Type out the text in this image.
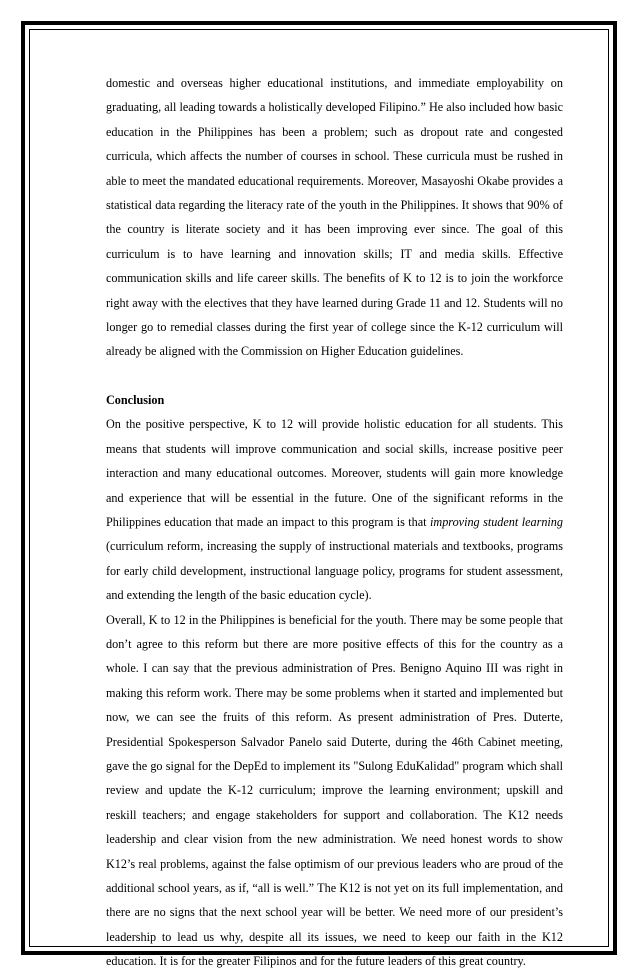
domestic and overseas higher educational institutions, and immediate employability on graduating, all leading towards a holistically developed Filipino.” He also included how basic education in the Philippines has been a problem; such as dropout rate and congested curricula, which affects the number of courses in school. These curricula must be rushed in able to meet the mandated educational requirements. Moreover, Masayoshi Okabe provides a statistical data regarding the literacy rate of the youth in the Philippines. It shows that 90% of the country is literate society and it has been improving ever since. The goal of this curriculum is to have learning and innovation skills; IT and media skills. Effective communication skills and life career skills. The benefits of K to 12 is to join the workforce right away with the electives that they have learned during Grade 11 and 12. Students will no longer go to remedial classes during the first year of college since the K-12 curriculum will already be aligned with the Commission on Higher Education guidelines.

Conclusion

On the positive perspective, K to 12 will provide holistic education for all students. This means that students will improve communication and social skills, increase positive peer interaction and many educational outcomes. Moreover, students will gain more knowledge and experience that will be essential in the future. One of the significant reforms in the Philippines education that made an impact to this program is that improving student learning (curriculum reform, increasing the supply of instructional materials and textbooks, programs for early child development, instructional language policy, programs for student assessment, and extending the length of the basic education cycle).

Overall, K to 12 in the Philippines is beneficial for the youth. There may be some people that don’t agree to this reform but there are more positive effects of this for the country as a whole. I can say that the previous administration of Pres. Benigno Aquino III was right in making this reform work. There may be some problems when it started and implemented but now, we can see the fruits of this reform. As present administration of Pres. Duterte, Presidential Spokesperson Salvador Panelo said Duterte, during the 46th Cabinet meeting, gave the go signal for the DepEd to implement its "Sulong EduKalidad" program which shall review and update the K-12 curriculum; improve the learning environment; upskill and reskill teachers; and engage stakeholders for support and collaboration. The K12 needs leadership and clear vision from the new administration. We need honest words to show K12’s real problems, against the false optimism of our previous leaders who are proud of the additional school years, as if, “all is well.” The K12 is not yet on its full implementation, and there are no signs that the next school year will be better. We need more of our president’s leadership to lead us why, despite all its issues, we need to keep our faith in the K12 education. It is for the greater Filipinos and for the future leaders of this great country.
